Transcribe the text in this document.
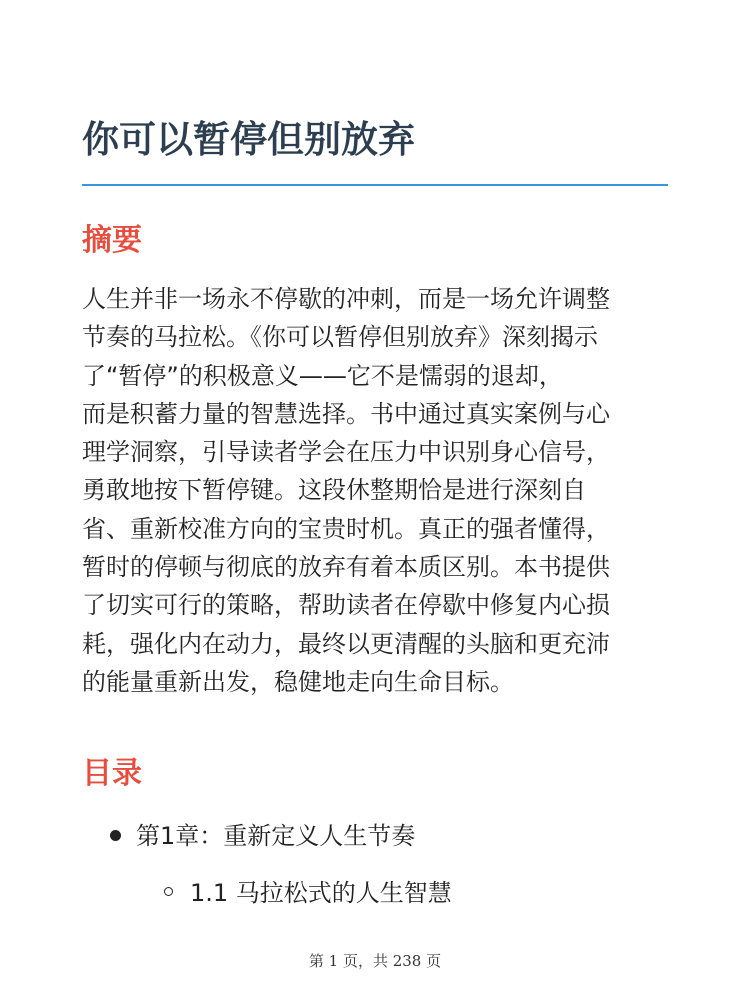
你可以暂停但别放弃
摘要
人生并非一场永不停歇的冲刺，而是一场允许调整
节奏的马拉松。《你可以暂停但别放弃》深刻揭示
了“暂停”的积极意义——它不是懦弱的退却，
而是积蓄力量的智慧选择。书中通过真实案例与心
理学洞察，引导读者学会在压力中识别身心信号，
勇敢地按下暂停键。这段休整期恰是进行深刻自
省、重新校准方向的宝贵时机。真正的强者懂得，
暂时的停顿与彻底的放弃有着本质区别。本书提供
了切实可行的策略，帮助读者在停歇中修复内心损
耗，强化内在动力，最终以更清醒的头脑和更充沛
的能量重新出发，稳健地走向生命目标。
目录
第1章：重新定义人生节奏
1.1 马拉松式的人生智慧
第 1 页，共 238 页
